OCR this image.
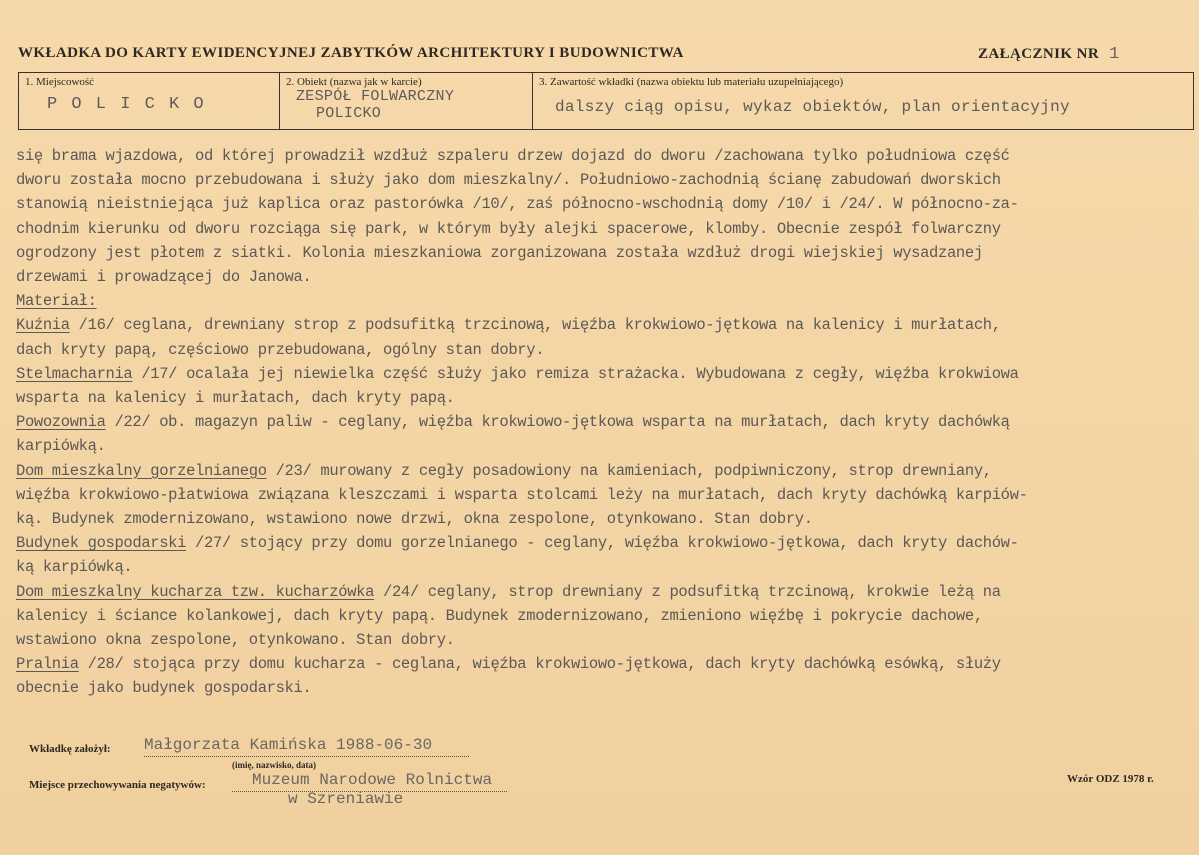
WKŁADKA DO KARTY EWIDENCYJNEJ ZABYTKÓW ARCHITEKTURY I BUDOWNICTWA	ZAŁĄCZNIK NR 1
1. Miejscowość
P O L I C K O
2. Obiekt (nazwa jak w karcie)
ZESPÓŁ FOLWARCZNY
POLICKO
3. Zawartość wkładki (nazwa obiektu lub materiału uzupełniającego)
dalszy ciąg opisu, wykaz obiektów, plan orientacyjny
się brama wjazdowa, od której prowadził wzdłuż szpaleru drzew dojazd do dworu /zachowana tylko południowa część
dworu została mocno przebudowana i służy jako dom mieszkalny/. Południowo-zachodnią ścianę zabudowań dworskich
stanowią nieistniejąca już kaplica oraz pastorówka /10/, zaś północno-wschodnią domy /10/ i /24/. W północno-za-
chodnim kierunku od dworu rozciąga się park, w którym były alejki spacerowe, klomby. Obecnie zespół folwarczny
ogrodzony jest płotem z siatki. Kolonia mieszkaniowa zorganizowana została wzdłuż drogi wiejskiej wysadzanej
drzewami i prowadzącej do Janowa.
Materiał:
Kuźnia /16/ ceglana, drewniany strop z podsufitką trzcinową, więźba krokwiowo-jętkowa na kalenicy i murłatach,
dach kryty papą, częściowo przebudowana, ogólny stan dobry.
Stelmacharnia /17/ ocalała jej niewielka część służy jako remiza strażacka. Wybudowana z cegły, więźba krokwiowa
wsparta na kalenicy i murłatach, dach kryty papą.
Powozownia /22/ ob. magazyn paliw - ceglany, więźba krokwiowo-jętkowa wsparta na murłatach, dach kryty dachówką
karpiówką.
Dom mieszkalny gorzelnianego /23/ murowany z cegły posadowiony na kamieniach, podpiwniczony, strop drewniany,
więźba krokwiowo-płatwiowa związana kleszczami i wsparta stolcami leży na murłatach, dach kryty dachówką karpiów-
ką. Budynek zmodernizowano, wstawiono nowe drzwi, okna zespolone, otynkowano. Stan dobry.
Budynek gospodarski /27/ stojący przy domu gorzelnianego - ceglany, więźba krokwiowo-jętkowa, dach kryty dachów-
ką karpiówką.
Dom mieszkalny kucharza tzw. kucharzówka /24/ ceglany, strop drewniany z podsufitką trzcinową, krokwie leżą na
kalenicy i ściance kolankowej, dach kryty papą. Budynek zmodernizowano, zmieniono więźbę i pokrycie dachowe,
wstawiono okna zespolone, otynkowano. Stan dobry.
Pralnia /28/ stojąca przy domu kucharza - ceglana, więźba krokwiowo-jętkowa, dach kryty dachówką esówką, służy
obecnie jako budynek gospodarski.
Wkładkę założył: Małgorzata Kamińska 1988-06-30
(imię, nazwisko, data)
Miejsce przechowywania negatywów:	Muzeum Narodowe Rolnictwa
w Szreniawie
Wzór ODZ 1978 r.
